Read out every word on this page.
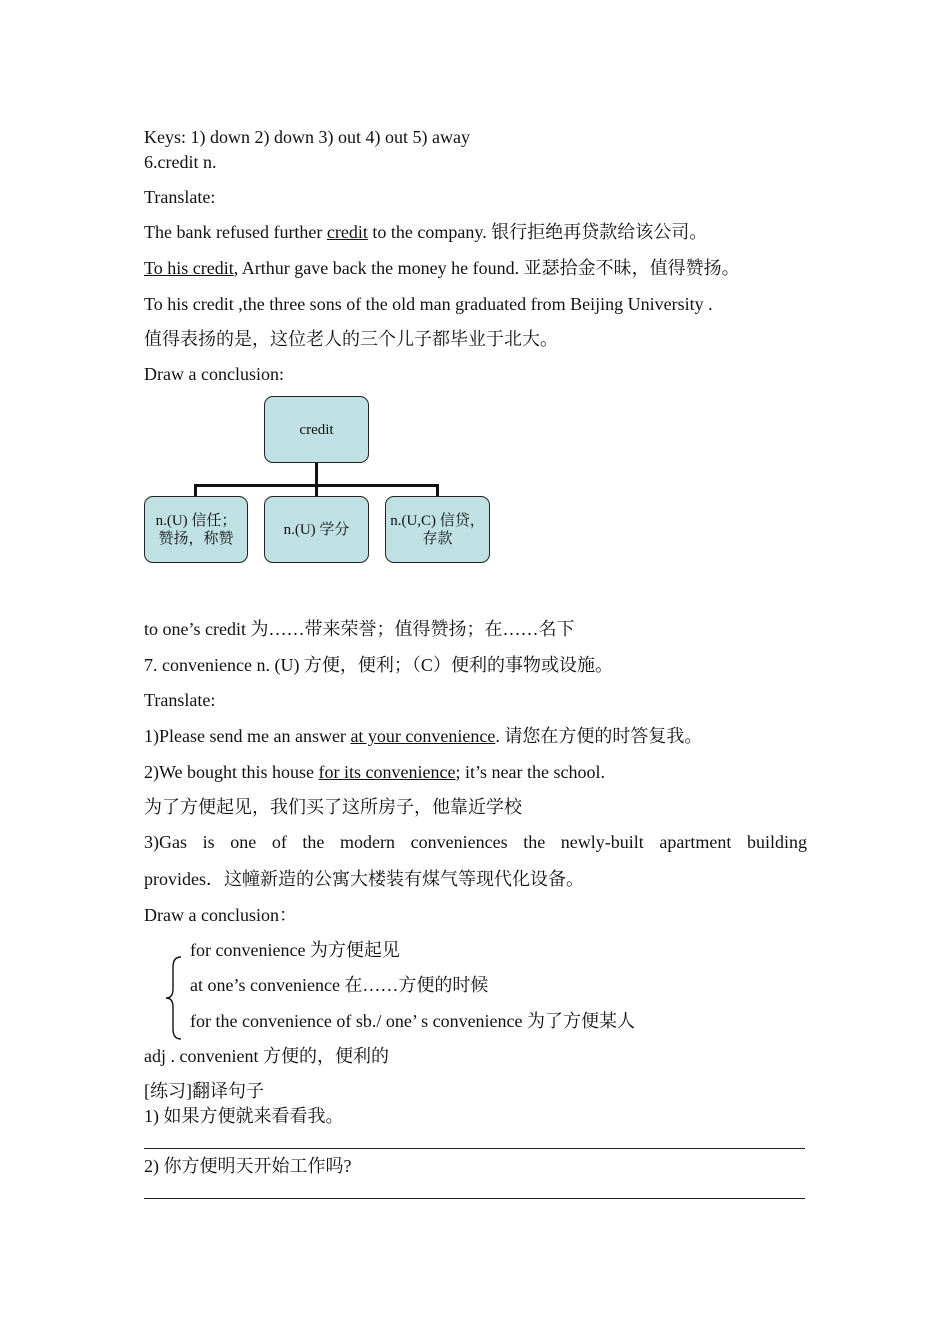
Keys: 1) down 2) down 3) out 4) out 5) away
6.credit n.
Translate:
The bank refused further credit to the company. 银行拒绝再贷款给该公司。
To his credit, Arthur gave back the money he found. 亚瑟拾金不昧，值得赞扬。
To his credit ,the three sons of the old man graduated from Beijing University .
值得表扬的是，这位老人的三个儿子都毕业于北大。
Draw a conclusion:
credit
n.(U) 信任；赞扬，称赞
n.(U) 学分
n.(U,C) 信贷，存款
to one’s credit 为……带来荣誉；值得赞扬；在……名下
7. convenience n. (U) 方便，便利；（C）便利的事物或设施。
Translate:
1)Please send me an answer at your convenience. 请您在方便的时答复我。
2)We bought this house for its convenience; it’s near the school.
为了方便起见，我们买了这所房子，他靠近学校
3)Gas is one of the modern conveniences the newly-built apartment building
provides．这幢新造的公寓大楼装有煤气等现代化设备。
Draw a conclusion：
for convenience 为方便起见
at one’s convenience 在……方便的时候
for the convenience of sb./ one’ s convenience 为了方便某人
adj . convenient 方便的，便利的
[练习]翻译句子
1) 如果方便就来看看我。
2) 你方便明天开始工作吗?
